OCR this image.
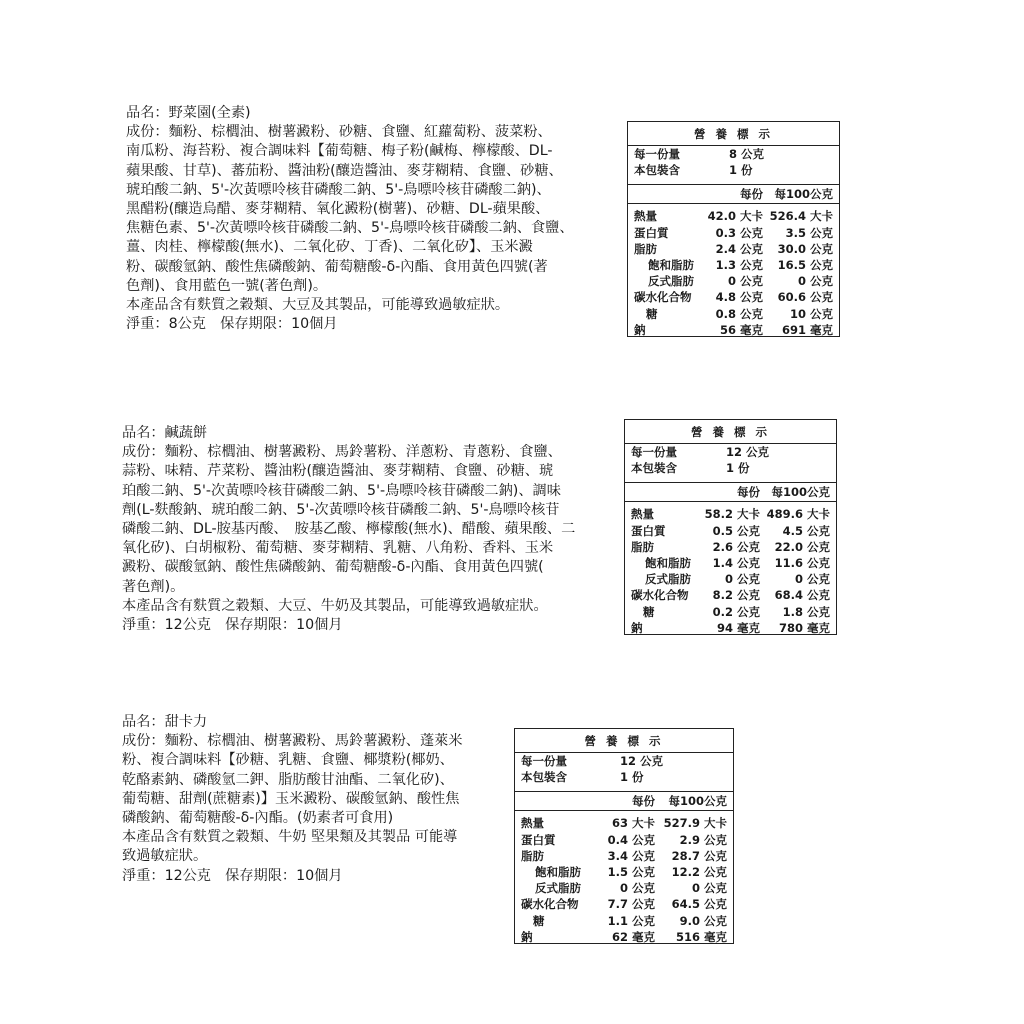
品名：野菜園(全素)
成份：麵粉、棕櫚油、樹薯澱粉、砂糖、食鹽、紅蘿蔔粉、菠菜粉、
南瓜粉、海苔粉、複合調味料【葡萄糖、梅子粉(鹹梅、檸檬酸、DL-
蘋果酸、甘草)、蕃茄粉、醬油粉(釀造醬油、麥芽糊精、食鹽、砂糖、
琥珀酸二鈉、5'-次黃嘌呤核苷磷酸二鈉、5'-鳥嘌呤核苷磷酸二鈉)、
黑醋粉(釀造烏醋、麥芽糊精、氧化澱粉(樹薯)、砂糖、DL-蘋果酸、
焦糖色素、5'-次黃嘌呤核苷磷酸二鈉、5'-鳥嘌呤核苷磷酸二鈉、食鹽、
薑、肉桂、檸檬酸(無水)、二氧化矽、丁香)、二氧化矽】、玉米澱
粉、碳酸氫鈉、酸性焦磷酸鈉、葡萄糖酸-δ-內酯、食用黃色四號(著
色劑)、食用藍色一號(著色劑)。
本產品含有麩質之穀類、大豆及其製品，可能導致過敏症狀。
淨重：8公克　保存期限：10個月
營 養 標 示
每一份量	8 公克
本包裝含	1 份
每份 每100公克
熱量	42.0 大卡 526.4 大卡
蛋白質	0.3 公克 3.5 公克
脂肪	2.4 公克 30.0 公克
飽和脂肪 1.3 公克 16.5 公克
反式脂肪	0 公克	0 公克
碳水化合物 4.8 公克 60.6 公克
糖	0.8 公克 10 公克
鈉	56 毫克 691 毫克
品名：鹹蔬餅
成份：麵粉、棕櫚油、樹薯澱粉、馬鈴薯粉、洋蔥粉、青蔥粉、食鹽、
蒜粉、味精、芹菜粉、醬油粉(釀造醬油、麥芽糊精、食鹽、砂糖、琥
珀酸二鈉、5'-次黃嘌呤核苷磷酸二鈉、5'-鳥嘌呤核苷磷酸二鈉)、調味
劑(L-麩酸鈉、琥珀酸二鈉、5'-次黃嘌呤核苷磷酸二鈉、5'-鳥嘌呤核苷
磷酸二鈉、DL-胺基丙酸、　胺基乙酸、檸檬酸(無水)、醋酸、蘋果酸、二
氧化矽)、白胡椒粉、葡萄糖、麥芽糊精、乳糖、八角粉、香料、玉米
澱粉、碳酸氫鈉、酸性焦磷酸鈉、葡萄糖酸-δ-內酯、食用黃色四號(
著色劑)。
本產品含有麩質之穀類、大豆、牛奶及其製品，可能導致過敏症狀。
淨重：12公克　保存期限：10個月
營 養 標 示
每一份量	12 公克
本包裝含	1 份
每份 每100公克
熱量	58.2 大卡 489.6 大卡
蛋白質	0.5 公克 4.5 公克
脂肪	2.6 公克 22.0 公克
飽和脂肪 1.4 公克 11.6 公克
反式脂肪	0 公克	0 公克
碳水化合物 8.2 公克 68.4 公克
糖	0.2 公克 1.8 公克
鈉	94 毫克 780 毫克
品名：甜卡力
成份：麵粉、棕櫚油、樹薯澱粉、馬鈴薯澱粉、蓬萊米
粉、複合調味料【砂糖、乳糖、食鹽、椰漿粉(椰奶、
乾酪素鈉、磷酸氫二鉀、脂肪酸甘油酯、二氧化矽)、
葡萄糖、甜劑(蔗糖素)】玉米澱粉、碳酸氫鈉、酸性焦
磷酸鈉、葡萄糖酸-δ-內酯。(奶素者可食用)
本產品含有麩質之穀類、牛奶 堅果類及其製品 可能導
致過敏症狀。
淨重：12公克　保存期限：10個月
營 養 標 示
每一份量	12 公克
本包裝含	1 份
每份 每100公克
熱量	63 大卡 527.9 大卡
蛋白質	0.4 公克 2.9 公克
脂肪	3.4 公克 28.7 公克
飽和脂肪 1.5 公克 12.2 公克
反式脂肪	0 公克	0 公克
碳水化合物	7.7 公克 64.5 公克
糖	1.1 公克 9.0 公克
鈉	62 毫克 516 毫克
